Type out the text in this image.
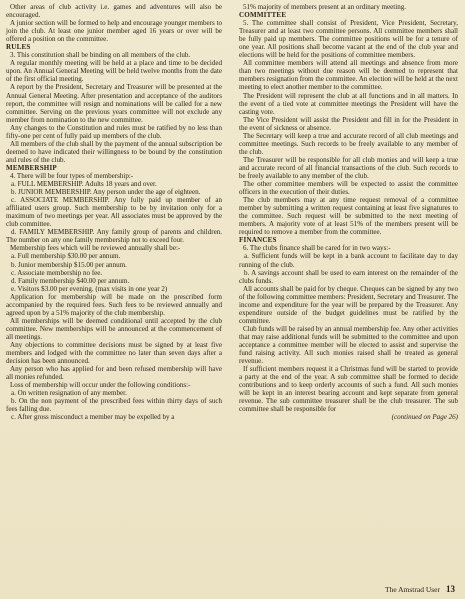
Other areas of club activity i.e. games and adventures will also be encouraged.

A junior section will be formed to help and encourage younger members to join the club. At least one junior member aged 16 years or over will be offered a position on the committee.

RULES

3. This constitution shall be binding on all members of the club.

A regular monthly meeting will be held at a place and time to be decided upon. An Annual General Meeting will be held twelve months from the date of the first official meeting.

A report by the President, Secretary and Treasurer will be presented at the Annual General Meeting. After presentation and acceptance of the auditors report, the committee will resign and nominations will be called for a new committee. Serving on the previous years committee will not exclude any member from nomination to the new committee.

Any changes to the Constitution and rules must be ratified by no less than fifty-one per cent of fully paid up members of the club.

All members of the club shall by the payment of the annual subscription be deemed to have indicated their willingness to be bound by the constitution and rules of the club.

MEMBERSHIP

4. There will be four types of membership:-

a. FULL MEMBERSHIP. Adults 18 years and over.

b. JUNIOR MEMBERSHIP. Any person under the age of eighteen.

c. ASSOCIATE MEMBERSHIP. Any fully paid up member of an affiliated users group. Such membership to be by invitation only for a maximum of two meetings per year. All associates must be approved by the club committee.

d. FAMILY MEMBERSHIP. Any family group of parents and children. The number on any one family membership not to exceed four.

Membership fees which will be reviewed annually shall be:-

a. Full membership $30.00 per annum.

b. Junior membership $15.00 per annum.

c. Associate membership no fee.

d. Family membership $40.00 per annum.

e. Visitors $3.00 per evening. (max visits in one year 2)

Application for membership will be made on the prescribed form accompanied by the required fees. Such fees to be reviewed annually and agreed upon by a 51% majority of the club membership.

All memberships will be deemed conditional until accepted by the club committee. New memberships will be announced at the commencement of all meetings.

Any objections to committee decisions must be signed by at least five members and lodged with the committee no later than seven days after a decision has been announced.

Any person who has applied for and been refused membership will have all monies refunded.

Loss of membership will occur under the following conditions:-

a. On written resignation of any member.

b. On the non payment of the prescribed fees within thirty days of such fees falling due.

c. After gross misconduct a member may be expelled by a

51% majority of members present at an ordinary meeting.

COMMITTEE

5. The committee shall consist of President, Vice President, Secretary, Treasurer and at least two committee persons. All committee members shall be fully paid up members. The committee positions will be for a tenure of one year. All positions shall become vacant at the end of the club year and elections will be held for the positions of committee members.

All committee members will attend all meetings and absence from more than two meetings without due reason will be deemed to represent that members resignation from the committee. An election will be held at the next meeting to elect another member to the committee.

The President will represent the club at all functions and in all matters. In the event of a tied vote at committee meetings the President will have the casting vote.

The Vice President will assist the President and fill in for the President in the event of sickness or absence.

The Secretary will keep a true and accurate record of all club meetings and committee meetings. Such records to be freely available to any member of the club.

The Treasurer will be responsible for all club monies and will keep a true and accurate record of all financial transactions of the club. Such records to be freely available to any member of the club.

The other committee members will be expected to assist the committee officers in the execution of their duties.

The club members may at any time request removal of a committee member by submitting a written request containing at least five signatures to the committee. Such request will be submitted to the next meeting of members. A majority vote of at least 51% of the members present will be required to remove a member from the committee.

FINANCES

6. The clubs finance shall be cared for in two ways:-

a. Sufficient funds will be kept in a bank account to facilitate day to day running of the club.

b. A savings account shall be used to earn interest on the remainder of the clubs funds.

All accounts shall be paid for by cheque. Cheques can be signed by any two of the following committee members: President, Secretary and Treasurer. The income and expenditure for the year will be prepared by the Treasurer. Any expenditure outside of the budget guidelines must be ratified by the committee.

Club funds will be raised by an annual membership fee. Any other activities that may raise additional funds will be submitted to the committee and upon acceptance a committee member will be elected to assist and supervise the fund raising activity. All such monies raised shall be treated as general revenue.

If sufficient members request it a Christmas fund will be started to provide a party at the end of the year. A sub committee shall be formed to decide contributions and to keep orderly accounts of such a fund. All such monies will be kept in an interest bearing account and kept separate from general revenue. The sub committee treasurer shall be the club treasurer. The sub committee shall be responsible for

(continued on Page 26)

The Amstrad User 13
